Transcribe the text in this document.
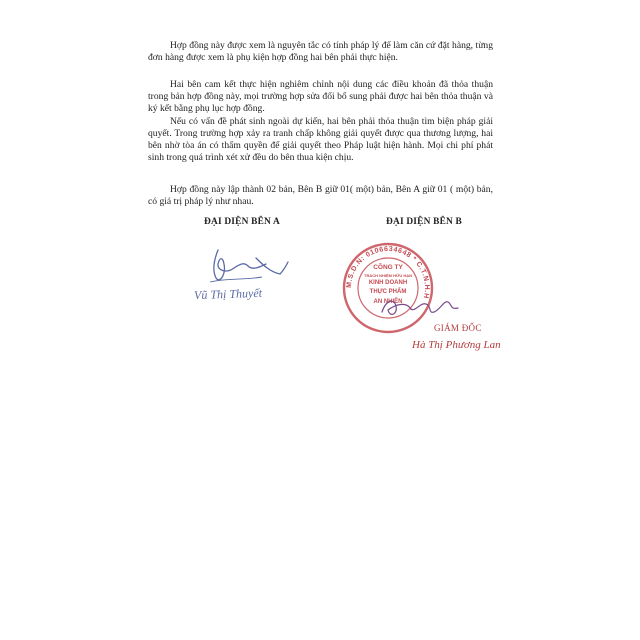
Hợp đồng này được xem là nguyên tắc có tính pháp lý để làm căn cứ đặt hàng, từng đơn hàng được xem là phụ kiện hợp đồng hai bên phải thực hiện.

Hai bên cam kết thực hiện nghiêm chỉnh nội dung các điều khoản đã thỏa thuận trong bản hợp đồng này, mọi trường hợp sửa đổi bổ sung phải được hai bên thỏa thuận và ký kết bằng phụ lục hợp đồng.

Nếu có vấn đề phát sinh ngoài dự kiến, hai bên phải thỏa thuận tìm biện pháp giải quyết. Trong trường hợp xảy ra tranh chấp không giải quyết được qua thương lượng, hai bên nhờ tòa án có thẩm quyền để giải quyết theo Pháp luật hiện hành. Mọi chi phí phát sinh trong quá trình xét xử đều do bên thua kiện chịu.

Hợp đồng này lập thành 02 bản, Bên B giữ 01( một) bản, Bên A giữ 01 ( một) bản, có giá trị pháp lý như nhau.

ĐẠI DIỆN BÊN A	ĐẠI DIỆN BÊN B
Vũ Thị Thuyết
M.S.D.N: 0106634648 * C.T.N.H.H
CÔNG TY
TRÁCH NHIỆM HỮU HẠN
KINH DOANH
THỰC PHẨM
AN NHIÊN
GIÁM ĐỐC
Hà Thị Phương Lan
